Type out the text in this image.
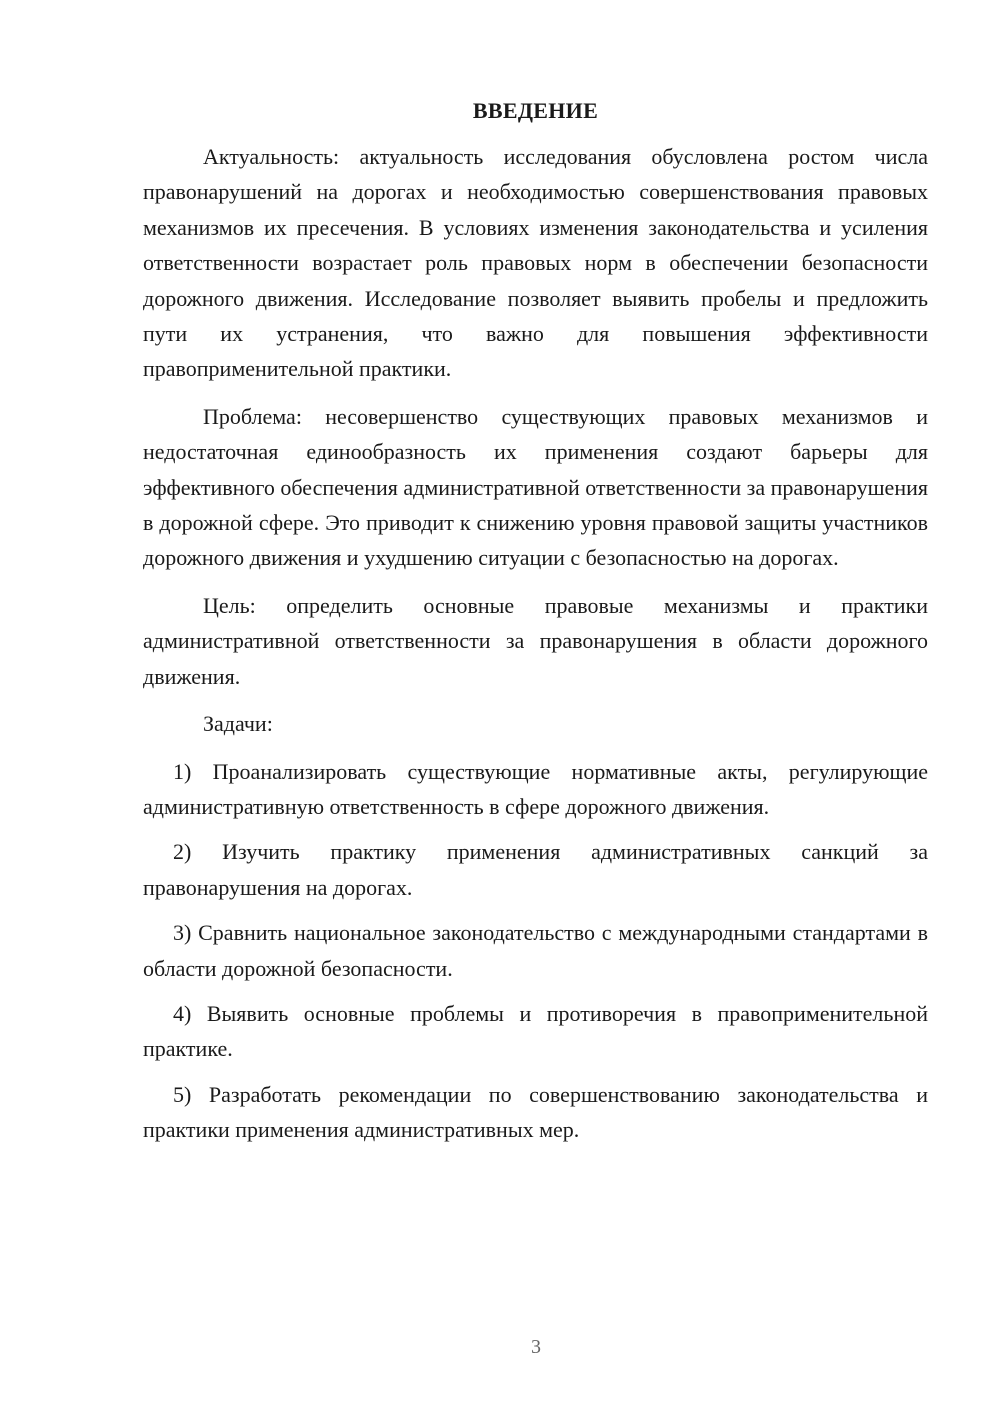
ВВЕДЕНИЕ

Актуальность: актуальность исследования обусловлена ростом числа правонарушений на дорогах и необходимостью совершенствования правовых механизмов их пресечения. В условиях изменения законодательства и усиления ответственности возрастает роль правовых норм в обеспечении безопасности дорожного движения. Исследование позволяет выявить пробелы и предложить пути их устранения, что важно для повышения эффективности правоприменительной практики.

Проблема: несовершенство существующих правовых механизмов и недостаточная единообразность их применения создают барьеры для эффективного обеспечения административной ответственности за правонарушения в дорожной сфере. Это приводит к снижению уровня правовой защиты участников дорожного движения и ухудшению ситуации с безопасностью на дорогах.

Цель: определить основные правовые механизмы и практики административной ответственности за правонарушения в области дорожного движения.

Задачи:

1) Проанализировать существующие нормативные акты, регулирующие административную ответственность в сфере дорожного движения.

2) Изучить практику применения административных санкций за правонарушения на дорогах.

3) Сравнить национальное законодательство с международными стандартами в области дорожной безопасности.

4) Выявить основные проблемы и противоречия в правоприменительной практике.

5) Разработать рекомендации по совершенствованию законодательства и практики применения административных мер.

3
